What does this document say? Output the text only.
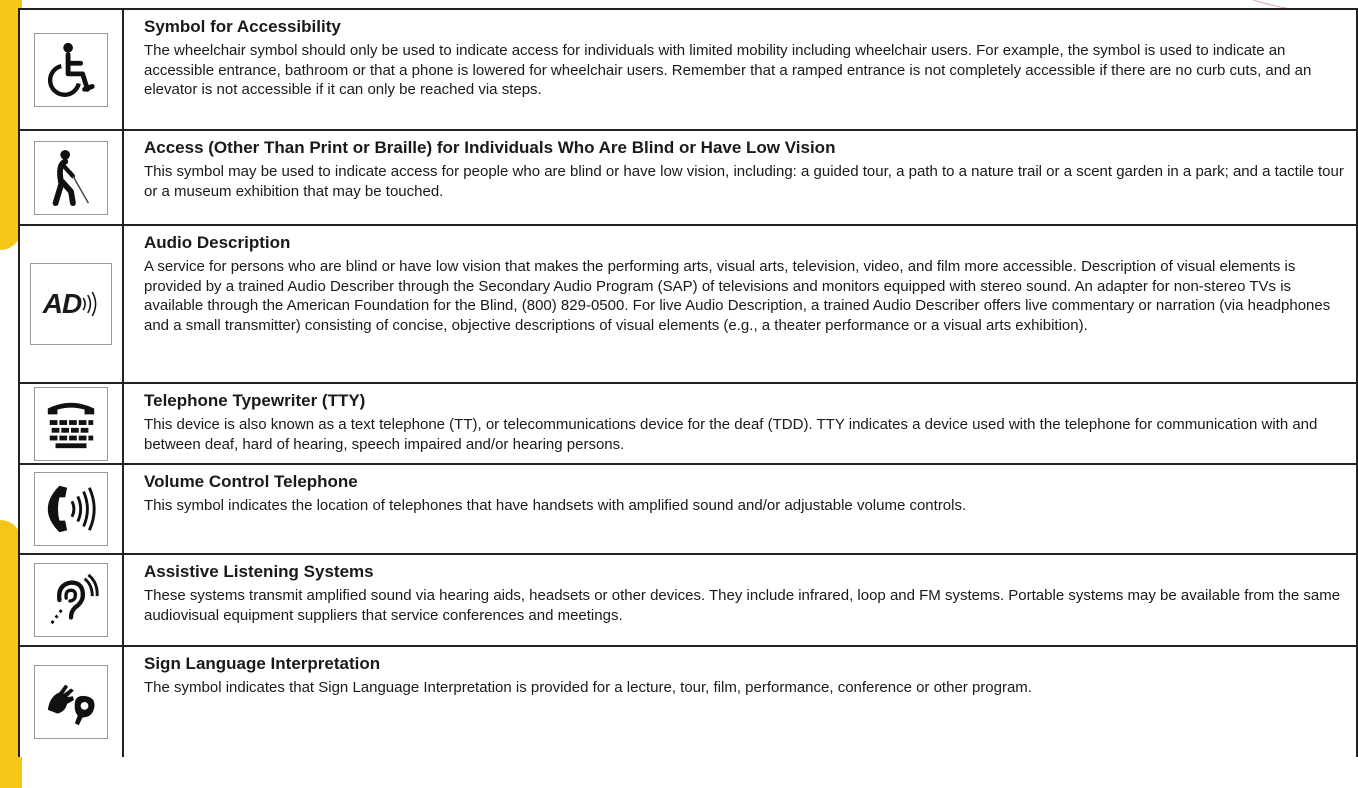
Symbol for Accessibility

The wheelchair symbol should only be used to indicate access for individuals with limited mobility including wheelchair users. For example, the symbol is used to indicate an accessible entrance, bathroom or that a phone is lowered for wheelchair users. Remember that a ramped entrance is not completely accessible if there are no curb cuts, and an elevator is not accessible if it can only be reached via steps.

Access (Other Than Print or Braille) for Individuals Who Are Blind or Have Low Vision

This symbol may be used to indicate access for people who are blind or have low vision, including: a guided tour, a path to a nature trail or a scent garden in a park; and a tactile tour or a museum exhibition that may be touched.

AD

Audio Description

A service for persons who are blind or have low vision that makes the performing arts, visual arts, television, video, and film more accessible. Description of visual elements is provided by a trained Audio Describer through the Secondary Audio Program (SAP) of televisions and monitors equipped with stereo sound. An adapter for non-stereo TVs is available through the American Foundation for the Blind, (800) 829-0500. For live Audio Description, a trained Audio Describer offers live commentary or narration (via headphones and a small transmitter) consisting of concise, objective descriptions of visual elements (e.g., a theater performance or a visual arts exhibition).

Telephone Typewriter (TTY)

This device is also known as a text telephone (TT), or telecommunications device for the deaf (TDD). TTY indicates a device used with the telephone for communication with and between deaf, hard of hearing, speech impaired and/or hearing persons.

Volume Control Telephone

This symbol indicates the location of telephones that have handsets with amplified sound and/or adjustable volume controls.

Assistive Listening Systems

These systems transmit amplified sound via hearing aids, headsets or other devices. They include infrared, loop and FM systems. Portable systems may be available from the same audiovisual equipment suppliers that service conferences and meetings.

Sign Language Interpretation

The symbol indicates that Sign Language Interpretation is provided for a lecture, tour, film, performance, conference or other program.
